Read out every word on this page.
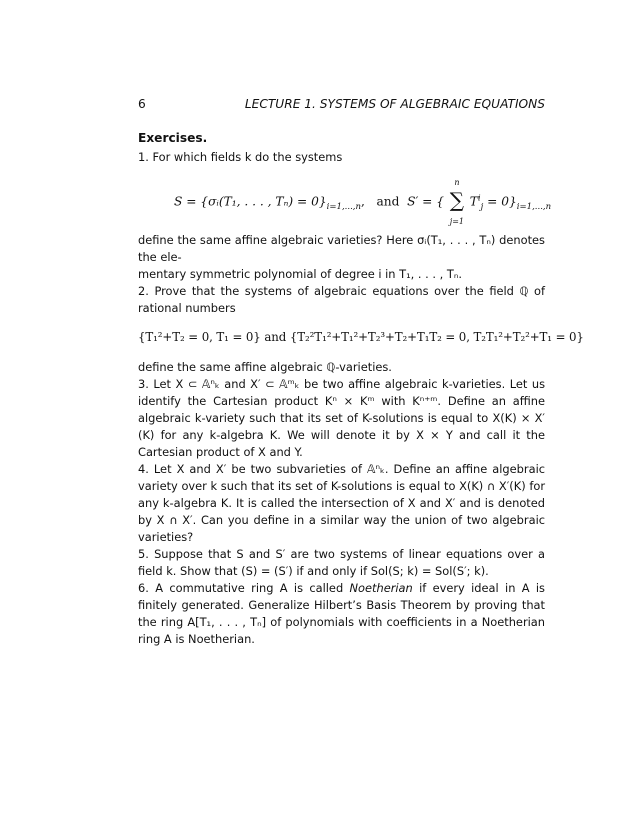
6	LECTURE 1. SYSTEMS OF ALGEBRAIC EQUATIONS
Exercises.

1. For which fields k do the systems

S = {σᵢ(T₁, . . . , $T_n) = 0\}_{i=1,...,n}$,   and S′ = {
n
∑
j=1
$T^i_j = 0\}_{i=1,...,n}$

define the same affine algebraic varieties? Here σᵢ(T₁, . . . , Tₙ) denotes the ele-

mentary symmetric polynomial of degree i in T₁, . . . , Tₙ.

2. Prove that the systems of algebraic equations over the field ℚ of rational numbers

{T₁²+T₂ = 0, T₁ = 0} and {T₂²T₁²+T₁²+T₂³+T₂+T₁T₂ = 0, T₂T₁²+T₂²+T₁ = 0}

define the same affine algebraic ℚ-varieties.

3. Let X ⊂ 𝔸ⁿₖ and X′ ⊂ 𝔸ᵐₖ be two affine algebraic k-varieties. Let us identify the Cartesian product Kⁿ × Kᵐ with Kⁿ⁺ᵐ. Define an affine algebraic k-variety such that its set of K-solutions is equal to X(K) × X′(K) for any k-algebra K. We will denote it by X × Y and call it the Cartesian product of X and Y.

4. Let X and X′ be two subvarieties of 𝔸ⁿₖ. Define an affine algebraic variety over k such that its set of K-solutions is equal to X(K) ∩ X′(K) for any k-algebra K. It is called the intersection of X and X′ and is denoted by X ∩ X′. Can you define in a similar way the union of two algebraic varieties?

5. Suppose that S and S′ are two systems of linear equations over a field k. Show that (S) = (S′) if and only if Sol(S; k) = Sol(S′; k).

6. A commutative ring A is called Noetherian if every ideal in A is finitely generated. Generalize Hilbert’s Basis Theorem by proving that the ring A[T₁, . . . , Tₙ] of polynomials with coefficients in a Noetherian ring A is Noetherian.
